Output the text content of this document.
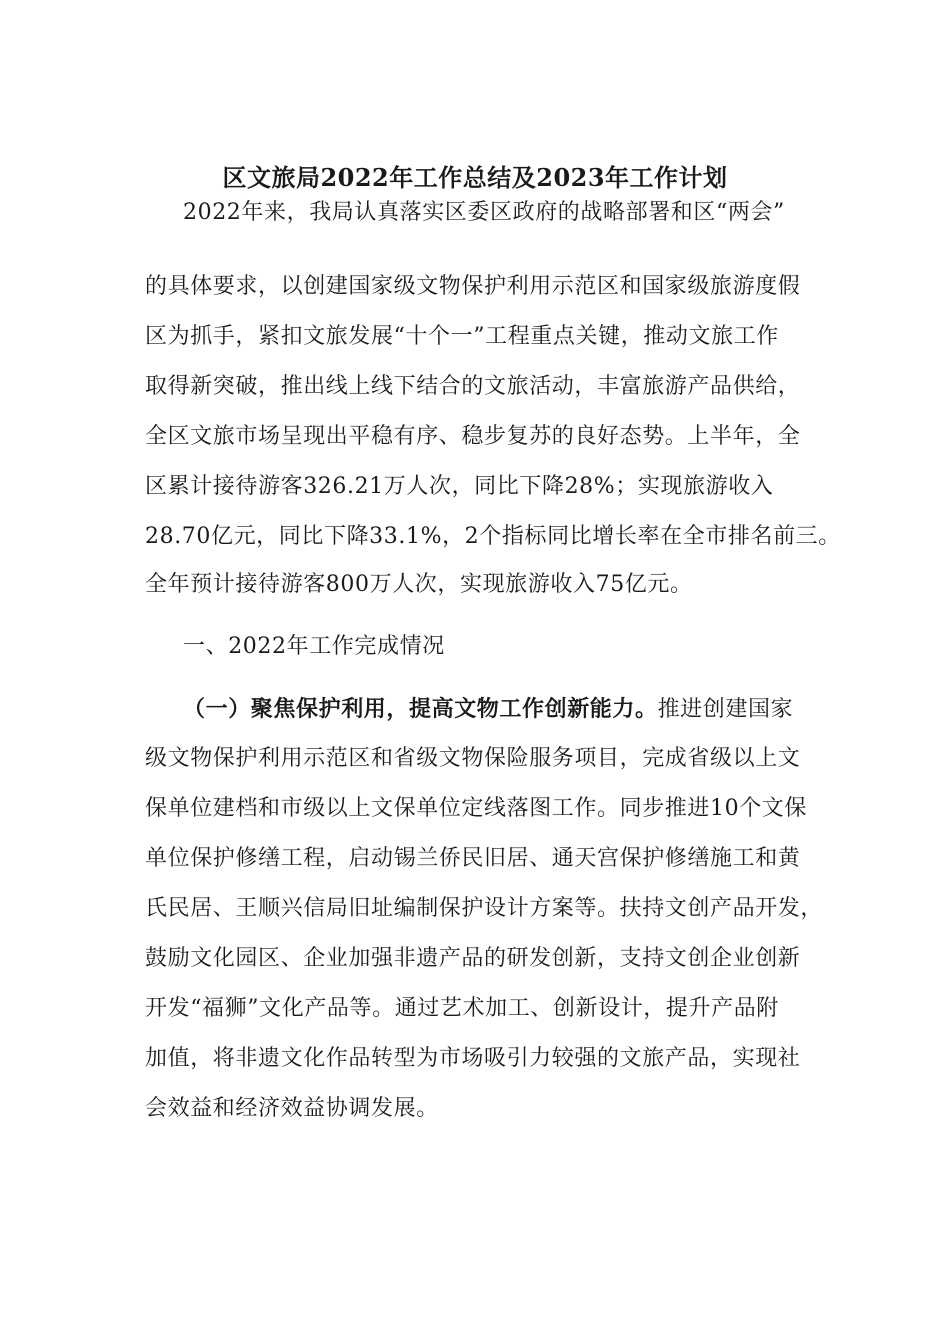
区文旅局2022年工作总结及2023年工作计划
2022年来，我局认真落实区委区政府的战略部署和区“两会”
的具体要求，以创建国家级文物保护利用示范区和国家级旅游度假
区为抓手，紧扣文旅发展“十个一”工程重点关键，推动文旅工作
取得新突破，推出线上线下结合的文旅活动，丰富旅游产品供给，
全区文旅市场呈现出平稳有序、稳步复苏的良好态势。上半年，全
区累计接待游客326.21万人次，同比下降28%；实现旅游收入
28.70亿元，同比下降33.1%，2个指标同比增长率在全市排名前三。
全年预计接待游客800万人次，实现旅游收入75亿元。
一、2022年工作完成情况
（一）聚焦保护利用，提高文物工作创新能力。推进创建国家
级文物保护利用示范区和省级文物保险服务项目，完成省级以上文
保单位建档和市级以上文保单位定线落图工作。同步推进10个文保
单位保护修缮工程，启动锡兰侨民旧居、通天宫保护修缮施工和黄
氏民居、王顺兴信局旧址编制保护设计方案等。扶持文创产品开发，
鼓励文化园区、企业加强非遗产品的研发创新，支持文创企业创新
开发“福狮”文化产品等。通过艺术加工、创新设计，提升产品附
加值，将非遗文化作品转型为市场吸引力较强的文旅产品，实现社
会效益和经济效益协调发展。
